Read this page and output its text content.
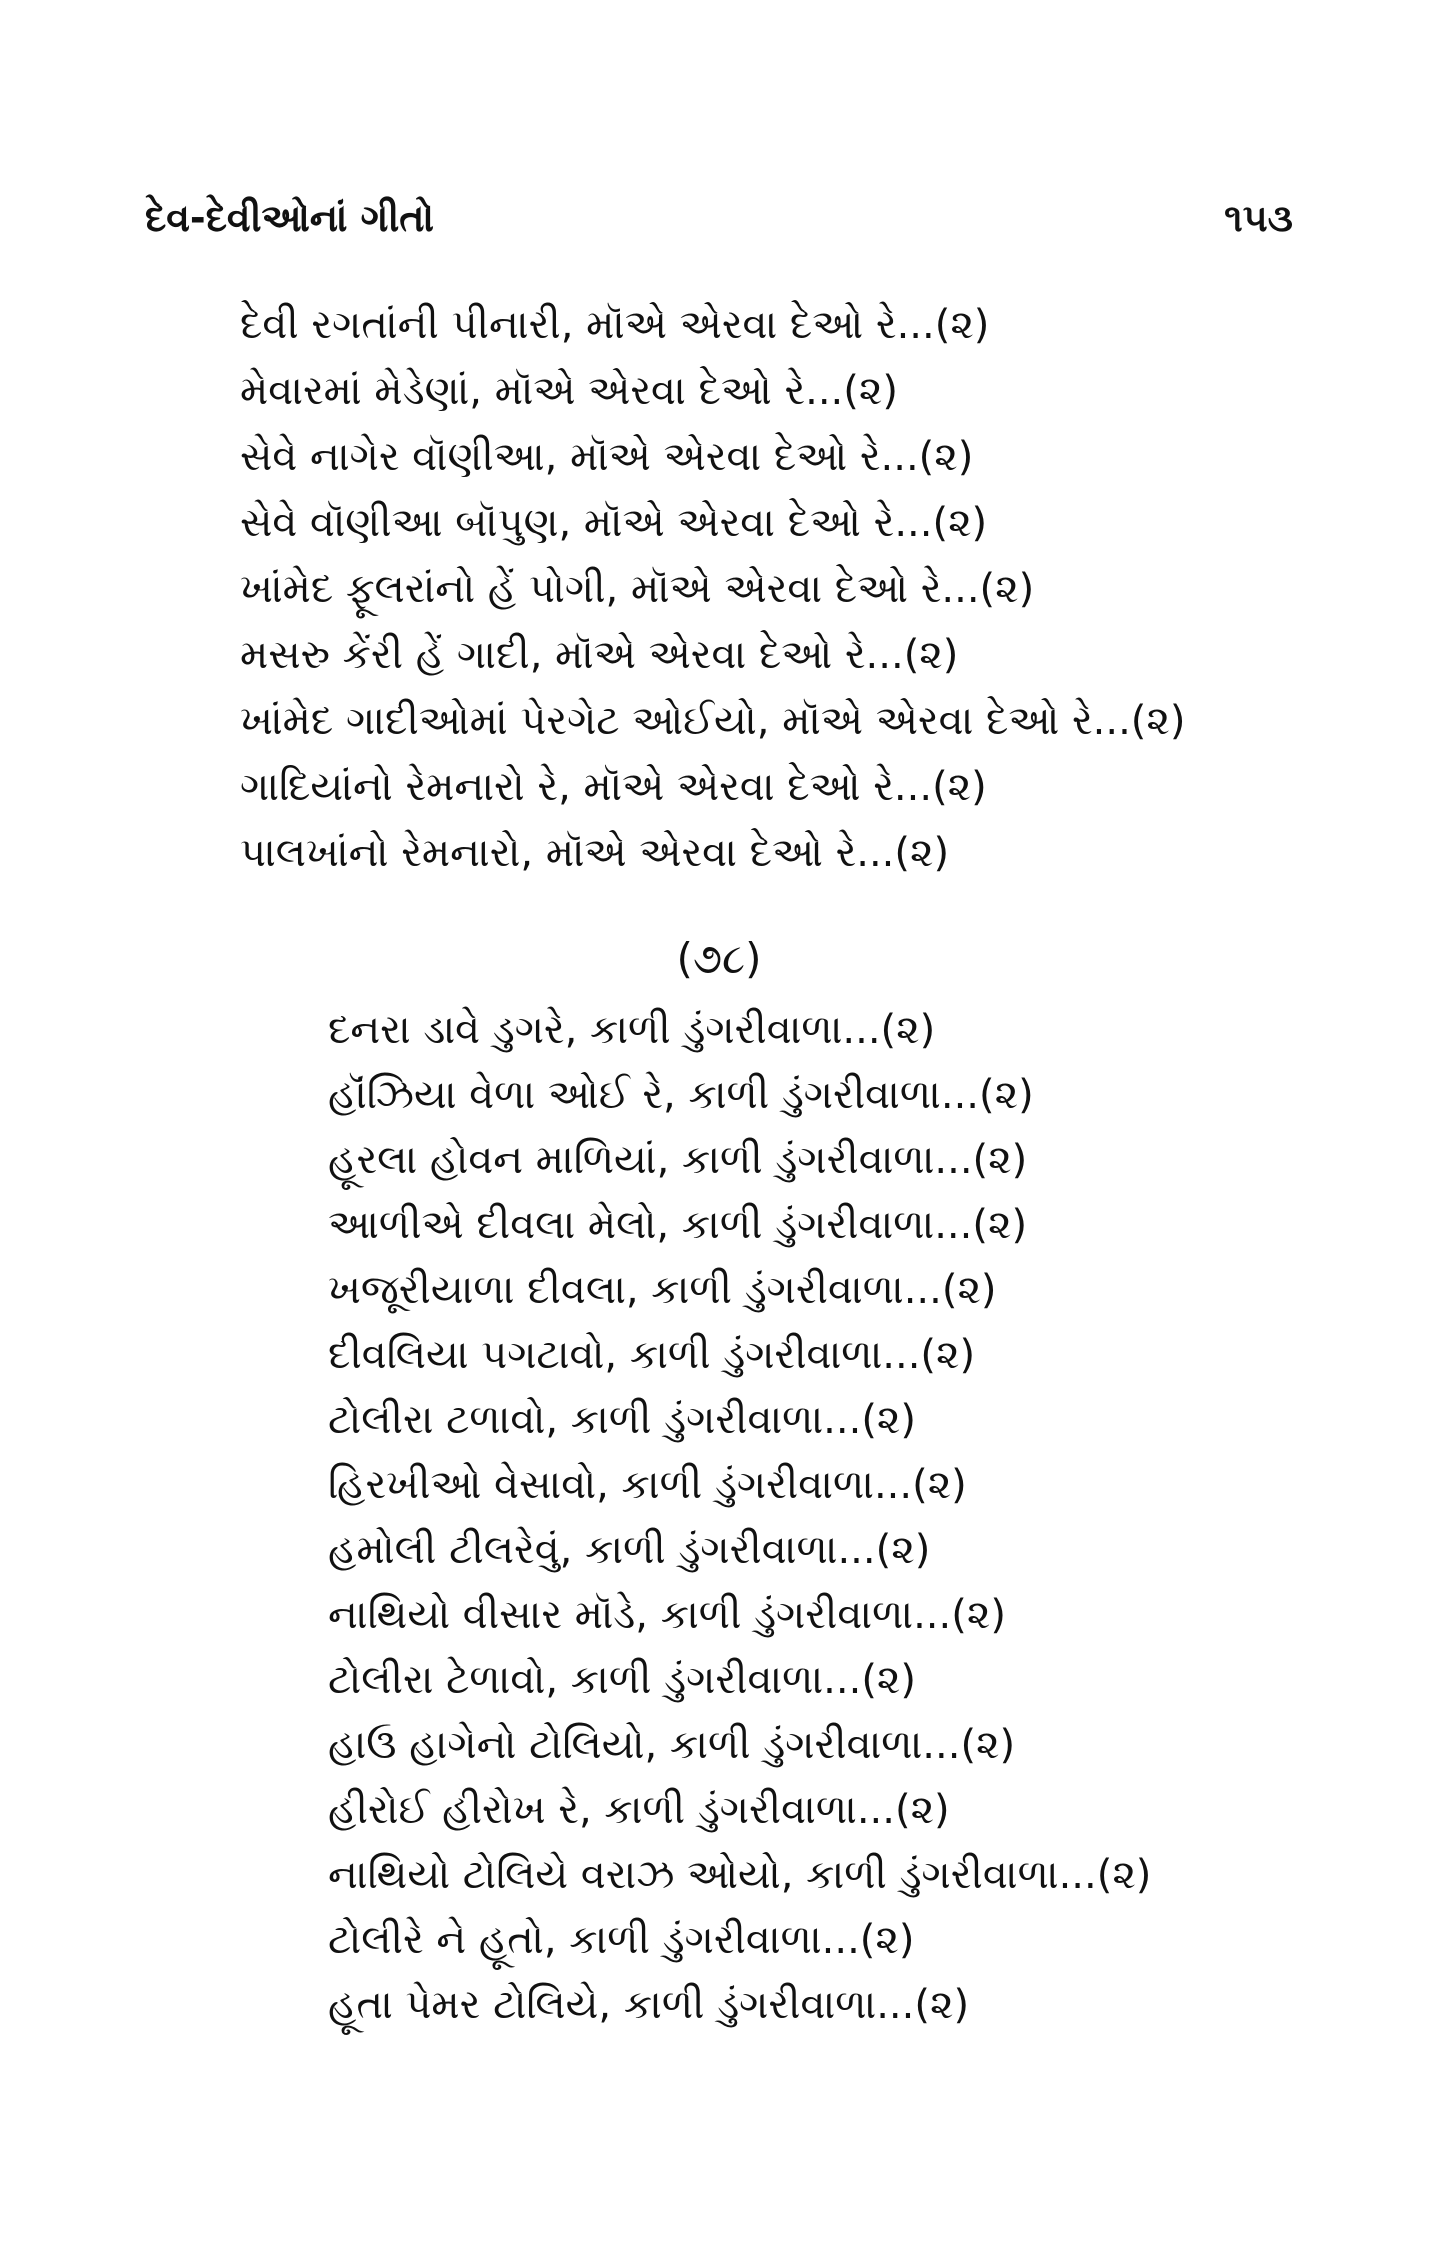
દેવ-દેવીઓનાં ગીતો	૧૫૩
દેવી રગતાંની પીનારી, મૉએ એરવા દેઓ રે...(૨)
મેવારમાં મેડેણાં, મૉએ એરવા દેઓ રે...(૨)
સેવે નાગેર વૉણીઆ, મૉએ એરવા દેઓ રે...(૨)
સેવે વૉણીઆ બૉપુણ, મૉએ એરવા દેઓ રે...(૨)
ખાંમેદ ફૂલરાંનો હેં પોગી, મૉએ એરવા દેઓ રે...(૨)
મસરુ કેંરી હેં ગાદી, મૉએ એરવા દેઓ રે...(૨)
ખાંમેદ ગાદીઓમાં પેરગેટ ઓઈયો, મૉએ એરવા દેઓ રે...(૨)
ગાદિયાંનો રેમનારો રે, મૉએ એરવા દેઓ રે...(૨)
પાલખાંનો રેમનારો, મૉએ એરવા દેઓ રે...(૨)
(૭૮)
દનરા ડાવે ડુગરે, કાળી ડુંગરીવાળા...(૨)
હૉંઝિયા વેળા ઓઈ રે, કાળી ડુંગરીવાળા...(૨)
હૂરલા હોવન માળિયાં, કાળી ડુંગરીવાળા...(૨)
આળીએ દીવલા મેલો, કાળી ડુંગરીવાળા...(૨)
ખજૂરીયાળા દીવલા, કાળી ડુંગરીવાળા...(૨)
દીવલિયા પગટાવો, કાળી ડુંગરીવાળા...(૨)
ટોલીરા ટળાવો, કાળી ડુંગરીવાળા...(૨)
હિરખીઓ વેસાવો, કાળી ડુંગરીવાળા...(૨)
હમોલી ટીલરેવું, કાળી ડુંગરીવાળા...(૨)
નાથિયો વીસાર મૉડે, કાળી ડુંગરીવાળા...(૨)
ટોલીરા ટેળાવો, કાળી ડુંગરીવાળા...(૨)
હાઉ હાગેનો ટોલિયો, કાળી ડુંગરીવાળા...(૨)
હીરોઈ હીરોખ રે, કાળી ડુંગરીવાળા...(૨)
નાથિયો ટોલિયે વરાઝ ઓયો, કાળી ડુંગરીવાળા...(૨)
ટોલીરે ને હૂતો, કાળી ડુંગરીવાળા...(૨)
હૂતા પેમર ટોલિયે, કાળી ડુંગરીવાળા...(૨)
